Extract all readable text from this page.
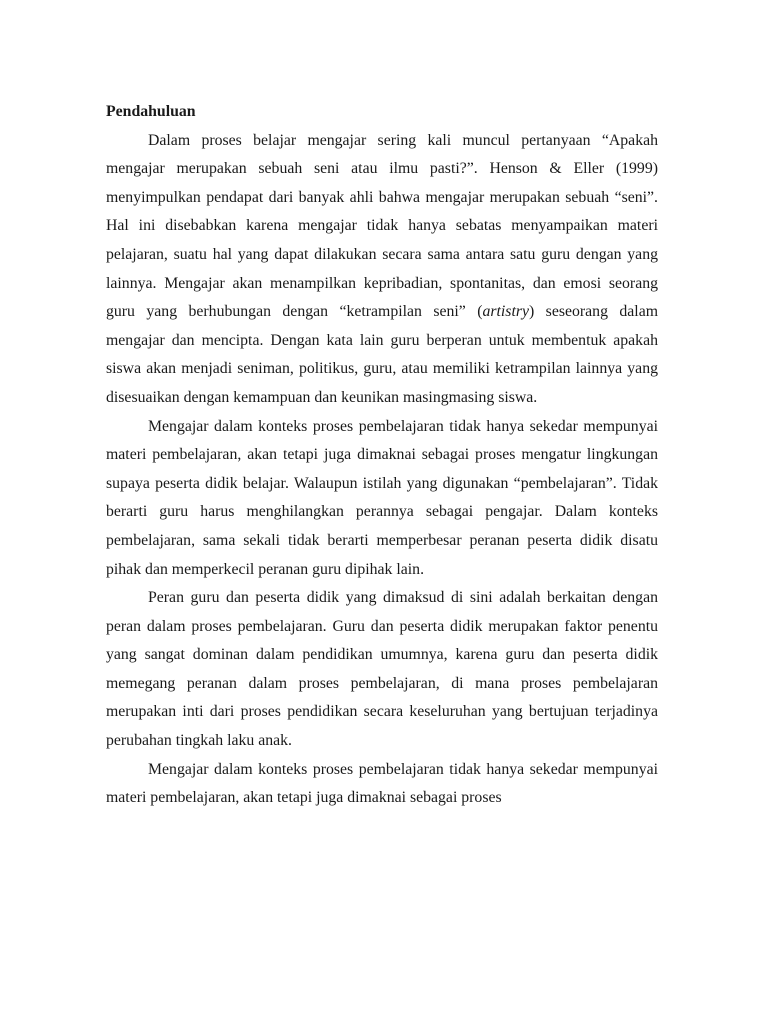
Pendahuluan

Dalam proses belajar mengajar sering kali muncul pertanyaan “Apakah mengajar merupakan sebuah seni atau ilmu pasti?”. Henson & Eller (1999) menyimpulkan pendapat dari banyak ahli bahwa mengajar merupakan sebuah “seni”. Hal ini disebabkan karena mengajar tidak hanya sebatas menyampaikan materi pelajaran, suatu hal yang dapat dilakukan secara sama antara satu guru dengan yang lainnya. Mengajar akan menampilkan kepribadian, spontanitas, dan emosi seorang guru yang berhubungan dengan “ketrampilan seni” (artistry) seseorang dalam mengajar dan mencipta. Dengan kata lain guru berperan untuk membentuk apakah siswa akan menjadi seniman, politikus, guru, atau memiliki ketrampilan lainnya yang disesuaikan dengan kemampuan dan keunikan masingmasing siswa.

Mengajar dalam konteks proses pembelajaran tidak hanya sekedar mempunyai materi pembelajaran, akan tetapi juga dimaknai sebagai proses mengatur lingkungan supaya peserta didik belajar. Walaupun istilah yang digunakan “pembelajaran”. Tidak berarti guru harus menghilangkan perannya sebagai pengajar. Dalam konteks pembelajaran, sama sekali tidak berarti memperbesar peranan peserta didik disatu pihak dan memperkecil peranan guru dipihak lain.

Peran guru dan peserta didik yang dimaksud di sini adalah berkaitan dengan peran dalam proses pembelajaran. Guru dan peserta didik merupakan faktor penentu yang sangat dominan dalam pendidikan umumnya, karena guru dan peserta didik memegang peranan dalam proses pembelajaran, di mana proses pembelajaran merupakan inti dari proses pendidikan secara keseluruhan yang bertujuan terjadinya perubahan tingkah laku anak.

Mengajar dalam konteks proses pembelajaran tidak hanya sekedar mempunyai materi pembelajaran, akan tetapi juga dimaknai sebagai proses
